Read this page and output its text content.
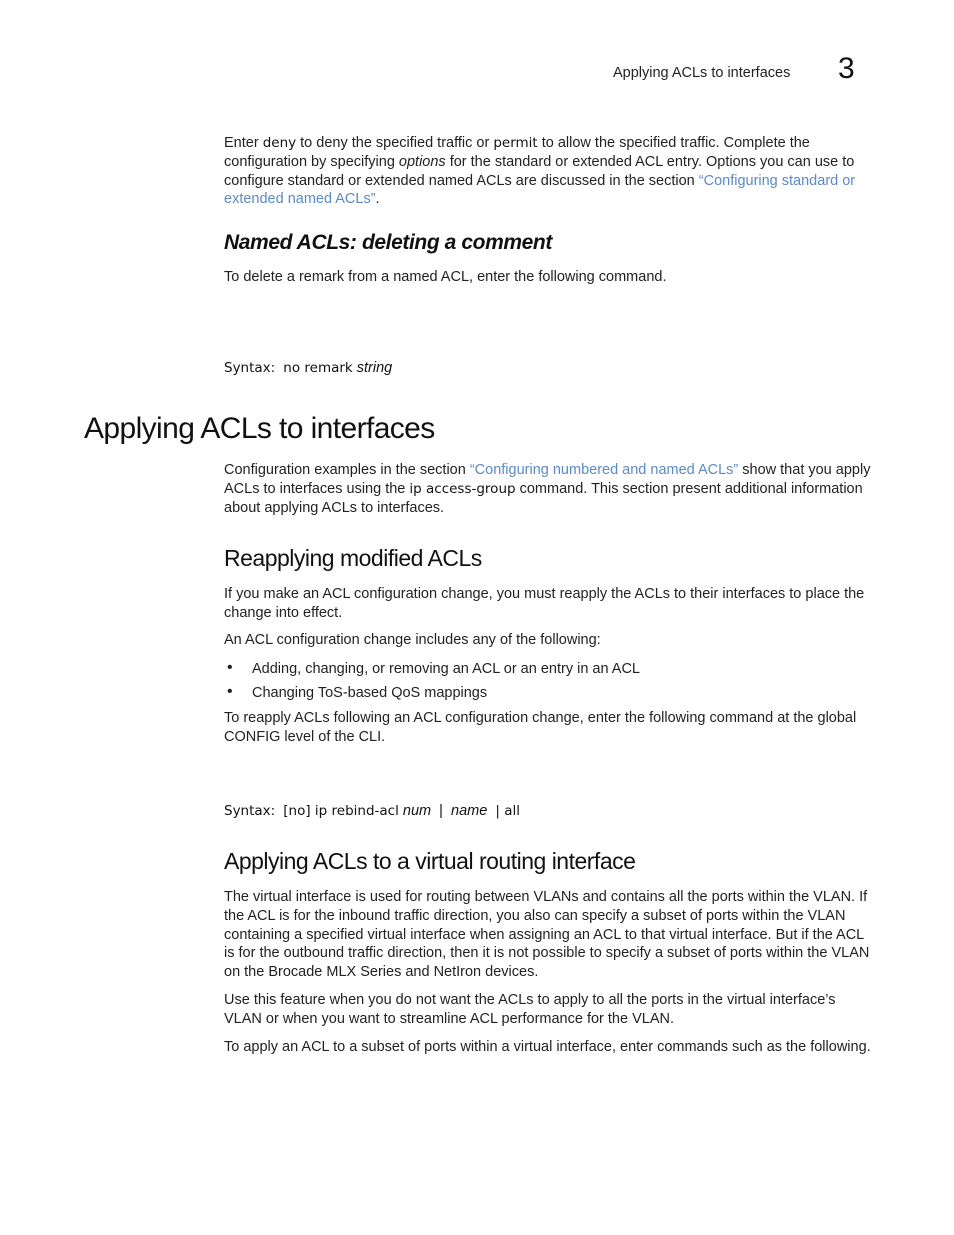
Applying ACLs to interfaces 3

Enter deny to deny the specified traffic or permit to allow the specified traffic. Complete the configuration by specifying options for the standard or extended ACL entry. Options you can use to configure standard or extended named ACLs are discussed in the section “Configuring standard or extended named ACLs”.

Named ACLs: deleting a comment

To delete a remark from a named ACL, enter the following command.

Syntax: no remark string
Applying ACLs to interfaces

Configuration examples in the section “Configuring numbered and named ACLs” show that you apply ACLs to interfaces using the ip access-group command. This section present additional information about applying ACLs to interfaces.

Reapplying modified ACLs

If you make an ACL configuration change, you must reapply the ACLs to their interfaces to place the change into effect.

An ACL configuration change includes any of the following:

• Adding, changing, or removing an ACL or an entry in an ACL
• Changing ToS-based QoS mappings

To reapply ACLs following an ACL configuration change, enter the following command at the global CONFIG level of the CLI.

Syntax: [no] ip rebind-acl num | name | all
Applying ACLs to a virtual routing interface

The virtual interface is used for routing between VLANs and contains all the ports within the VLAN. If the ACL is for the inbound traffic direction, you also can specify a subset of ports within the VLAN containing a specified virtual interface when assigning an ACL to that virtual interface. But if the ACL is for the outbound traffic direction, then it is not possible to specify a subset of ports within the VLAN on the Brocade MLX Series and NetIron devices.

Use this feature when you do not want the ACLs to apply to all the ports in the virtual interface’s VLAN or when you want to streamline ACL performance for the VLAN.

To apply an ACL to a subset of ports within a virtual interface, enter commands such as the following.
